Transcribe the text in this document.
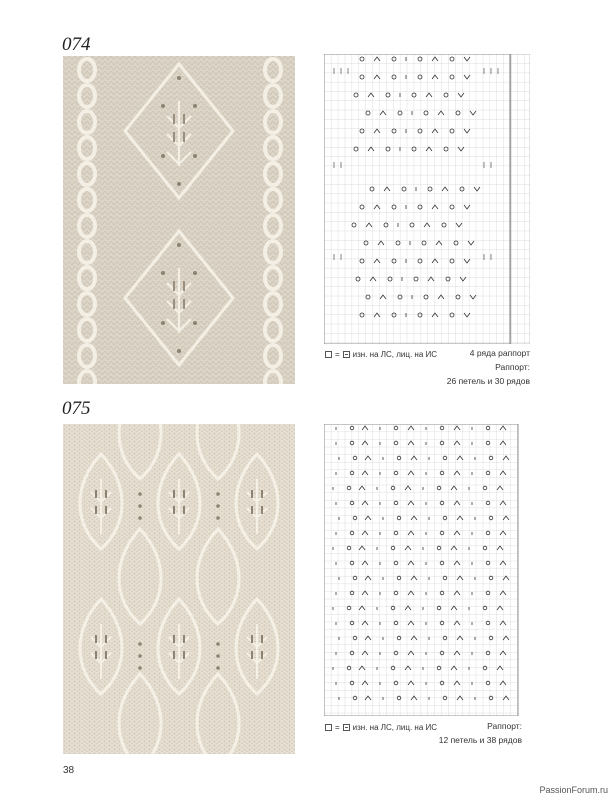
074
= изн. на ЛС, лиц. на ИС	4 ряда раппорт
Раппорт:
26 петель и 30 рядов
075
= изн. на ЛС, лиц. на ИС	Раппорт:
12 петель и 38 рядов
38
PassionForum.ru
